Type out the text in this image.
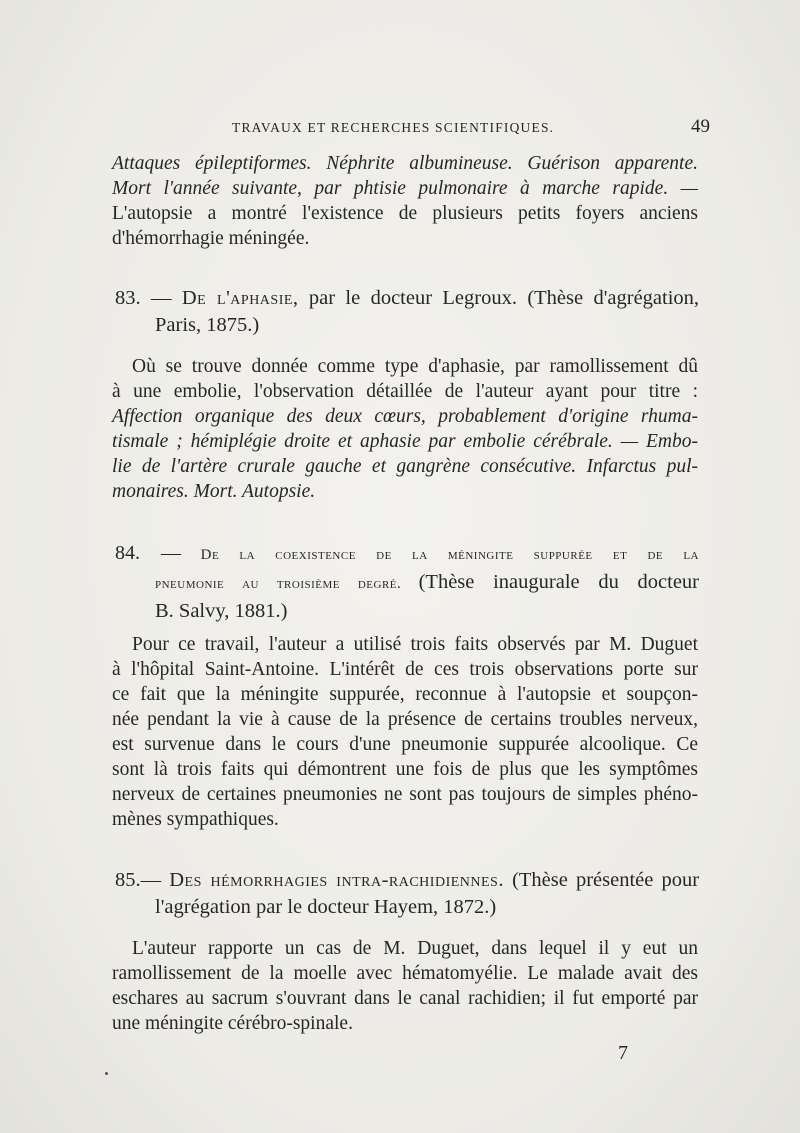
TRAVAUX ET RECHERCHES SCIENTIFIQUES.	49
Attaques épileptiformes. Néphrite albumineuse. Guérison apparente.
Mort l'année suivante, par phtisie pulmonaire à marche rapide. —
L'autopsie a montré l'existence de plusieurs petits foyers anciens
d'hémorrhagie méningée.
83. — De l'aphasie, par le docteur Legroux. (Thèse d'agrégation,
Paris, 1875.)
Où se trouve donnée comme type d'aphasie, par ramollissement dû
à une embolie, l'observation détaillée de l'auteur ayant pour titre :
Affection organique des deux cœurs, probablement d'origine rhuma-
tismale ; hémiplégie droite et aphasie par embolie cérébrale. — Embo-
lie de l'artère crurale gauche et gangrène consécutive. Infarctus pul-
monaires. Mort. Autopsie.
84. — De la coexistence de la méningite suppurée et de la
pneumonie au troisième degré. (Thèse inaugurale du docteur
B. Salvy, 1881.)
Pour ce travail, l'auteur a utilisé trois faits observés par M. Duguet
à l'hôpital Saint-Antoine. L'intérêt de ces trois observations porte sur
ce fait que la méningite suppurée, reconnue à l'autopsie et soupçon-
née pendant la vie à cause de la présence de certains troubles nerveux,
est survenue dans le cours d'une pneumonie suppurée alcoolique. Ce
sont là trois faits qui démontrent une fois de plus que les symptômes
nerveux de certaines pneumonies ne sont pas toujours de simples phéno-
mènes sympathiques.
85.— Des hémorrhagies intra-rachidiennes. (Thèse présentée pour
l'agrégation par le docteur Hayem, 1872.)
L'auteur rapporte un cas de M. Duguet, dans lequel il y eut un
ramollissement de la moelle avec hématomyélie. Le malade avait des
eschares au sacrum s'ouvrant dans le canal rachidien; il fut emporté par
une méningite cérébro-spinale.
7
